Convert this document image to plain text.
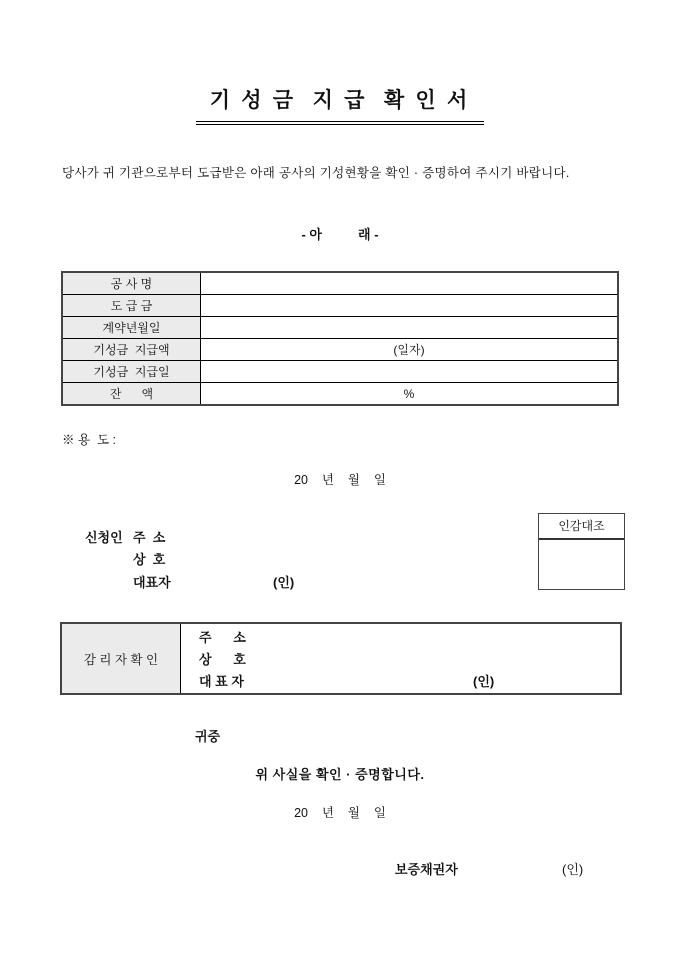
기 성 금  지 급  확 인 서
당사가 귀 기관으로부터 도급받은 아래 공사의 기성현황을 확인 · 증명하여 주시기 바랍니다.
- 아          래 -
공 사 명	
도 급 금	
계약년월일	
기성금  지급액	(일자)
기성금  지급일	
잔      액	%
※ 용  도 :
20    년    월    일
신청인 주  소
상  호
대표자	(인)
인감대조
감 리 자 확 인
주      소
상      호
대 표 자	(인)
귀중
위 사실을 확인 · 증명합니다.
20    년    월    일
보증채권자	(인)
